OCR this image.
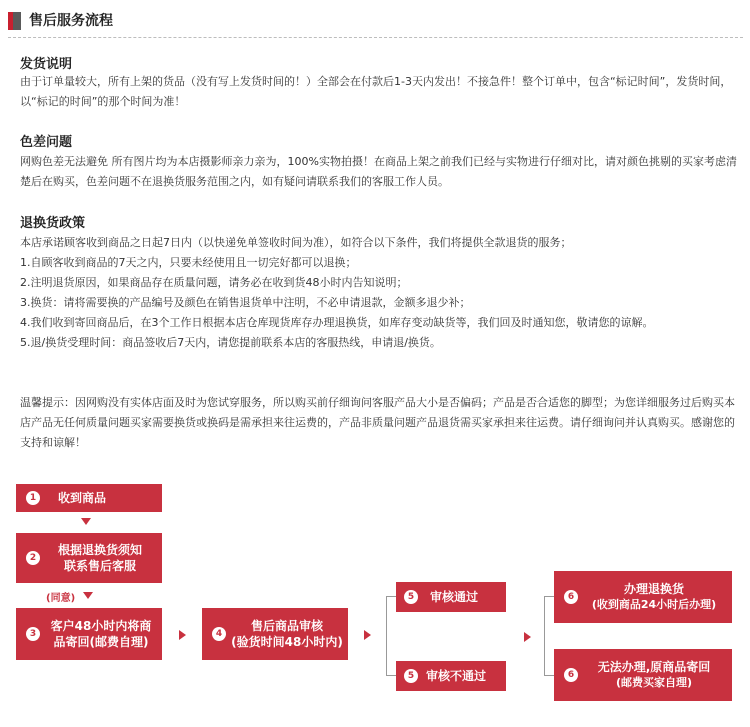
售后服务流程
发货说明
由于订单量较大，所有上架的货品（没有写上发货时间的！）全部会在付款后1-3天内发出！不接急件！整个订单中，包含“标记时间”，发货时间，以“标记的时间”的那个时间为准！
色差问题
网购色差无法避免 所有图片均为本店摄影师亲力亲为，100%实物拍摄！在商品上架之前我们已经与实物进行仔细对比，请对颜色挑剔的买家考虑清楚后在购买，色差问题不在退换货服务范围之内，如有疑问请联系我们的客服工作人员。
退换货政策
本店承诺顾客收到商品之日起7日内（以快递免单签收时间为准），如符合以下条件，我们将提供全款退货的服务；
1.自顾客收到商品的7天之内，只要未经使用且一切完好都可以退换；
2.注明退货原因，如果商品存在质量问题，请务必在收到货48小时内告知说明；
3.换货：请将需要换的产品编号及颜色在销售退货单中注明，不必申请退款，金额多退少补；
4.我们收到寄回商品后，在3个工作日根据本店仓库现货库存办理退换货，如库存变动缺货等，我们回及时通知您，敬请您的谅解。
5.退/换货受理时间：商品签收后7天内，请您提前联系本店的客服热线，申请退/换货。
温馨提示：因网购没有实体店面及时为您试穿服务，所以购买前仔细询问客服产品大小是否偏码；产品是否合适您的脚型；为您详细服务过后购买本店产品无任何质量问题买家需要换货或换码是需承担来往运费的，产品非质量问题产品退货需买家承担来往运费。请仔细询问并认真购买。感谢您的支持和谅解！
1	收到商品
2
根据退换货须知
联系售后客服
(同意)
3
客户48小时内将商
品寄回(邮费自理)
4
售后商品审核
(验货时间48小时内)
5	审核通过
5 审核不通过
6
办理退换货
(收到商品24小时后办理)
6
无法办理,原商品寄回
(邮费买家自理)
